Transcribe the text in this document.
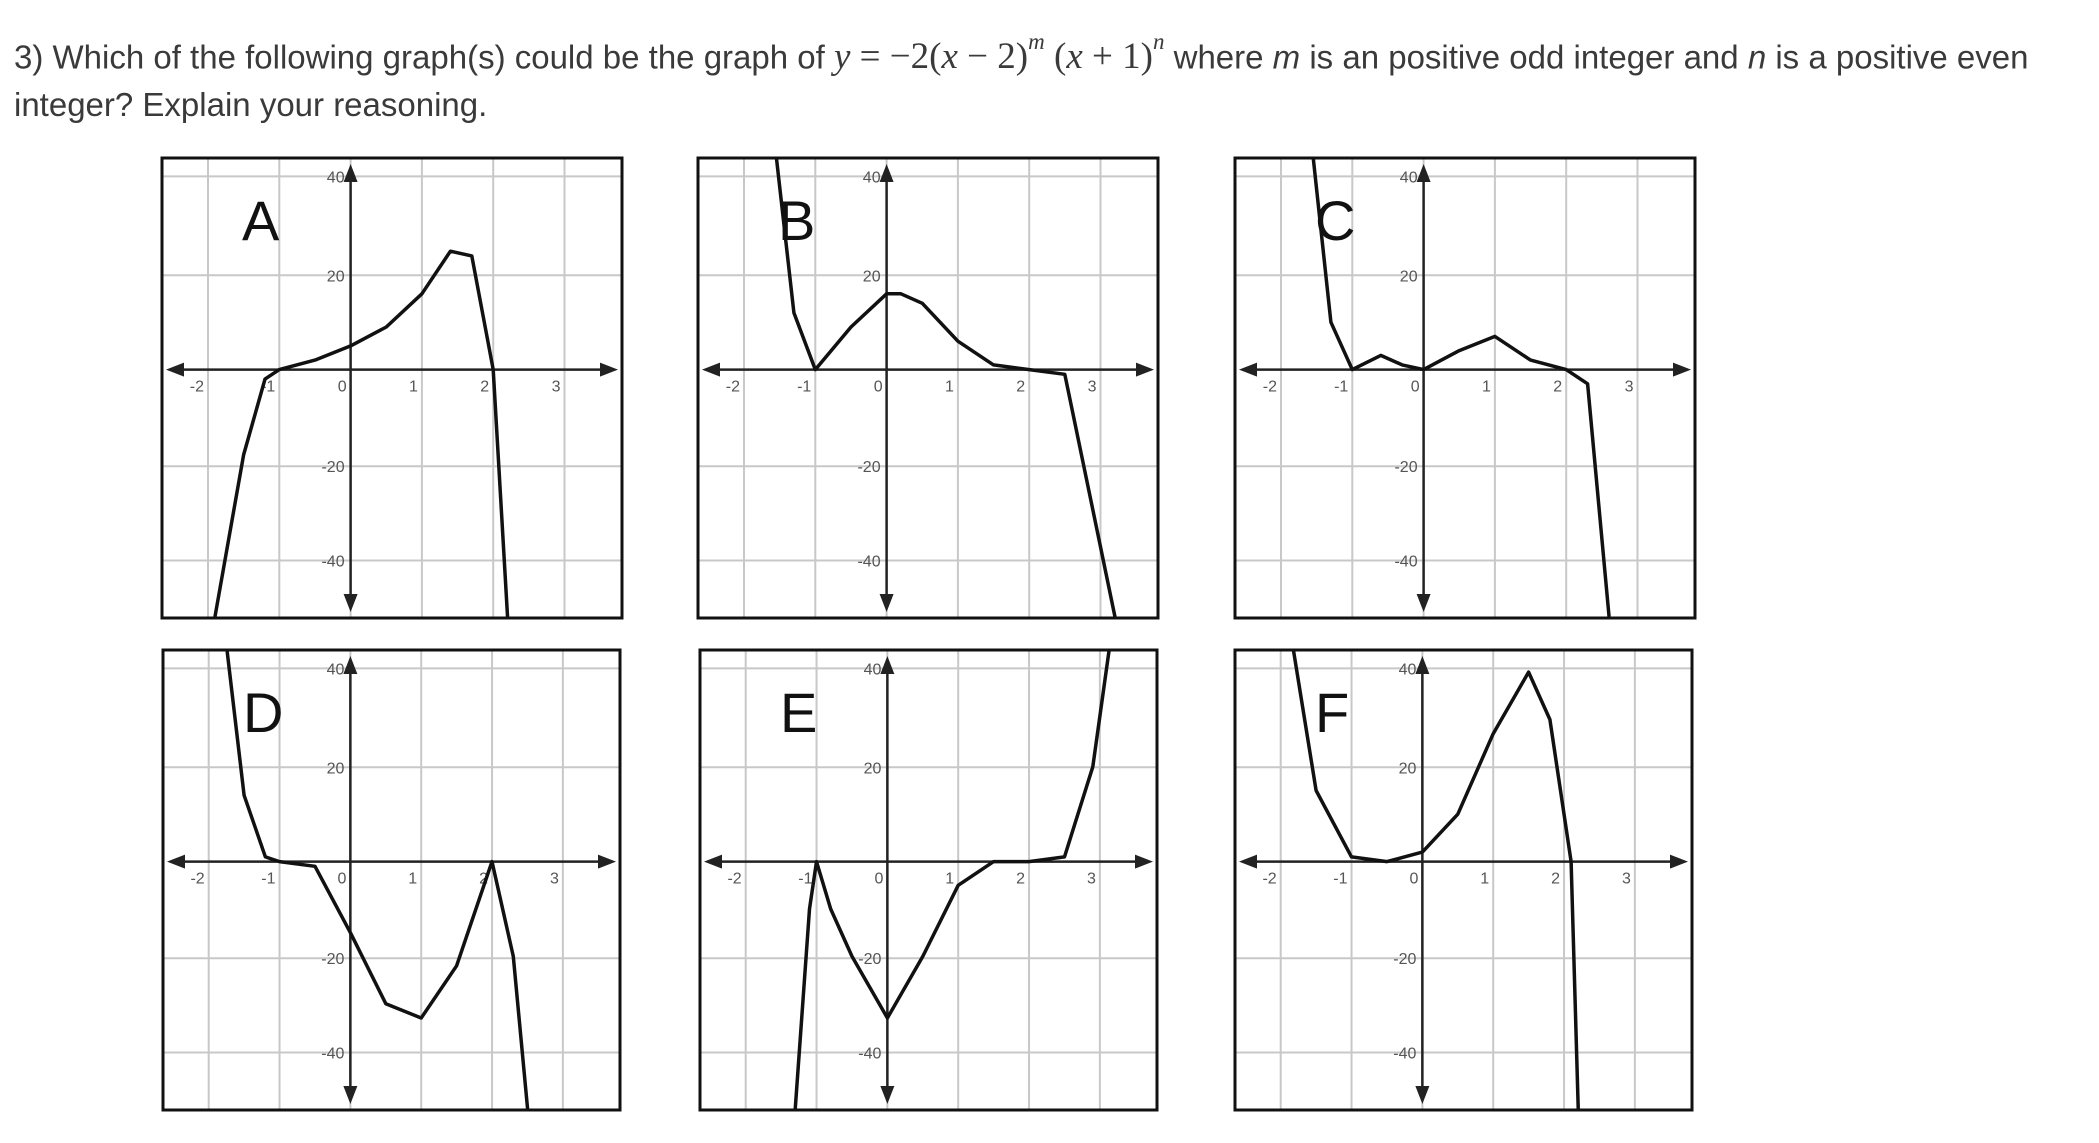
3) Which of the following graph(s) could be the graph of $y = -2(x - 2)^m$ $(x + 1)^n$ where m is an positive odd integer and n is a positive even integer? Explain your reasoning.
-2	-1	0	1	2	3
40
20
-20
-40
A
-2	-1	0	1	2	3
40
20
-20
-40
B
-2	-1	0	1	2	3
40
20
-20
-40
C
-2	-1	0	1	2	3
40
20
-20
-40
D
-2	-1	0	1	2	3
40
20
-20
-40
E
-2	-1	0	1	2	3
40
20
-20
-40
F
